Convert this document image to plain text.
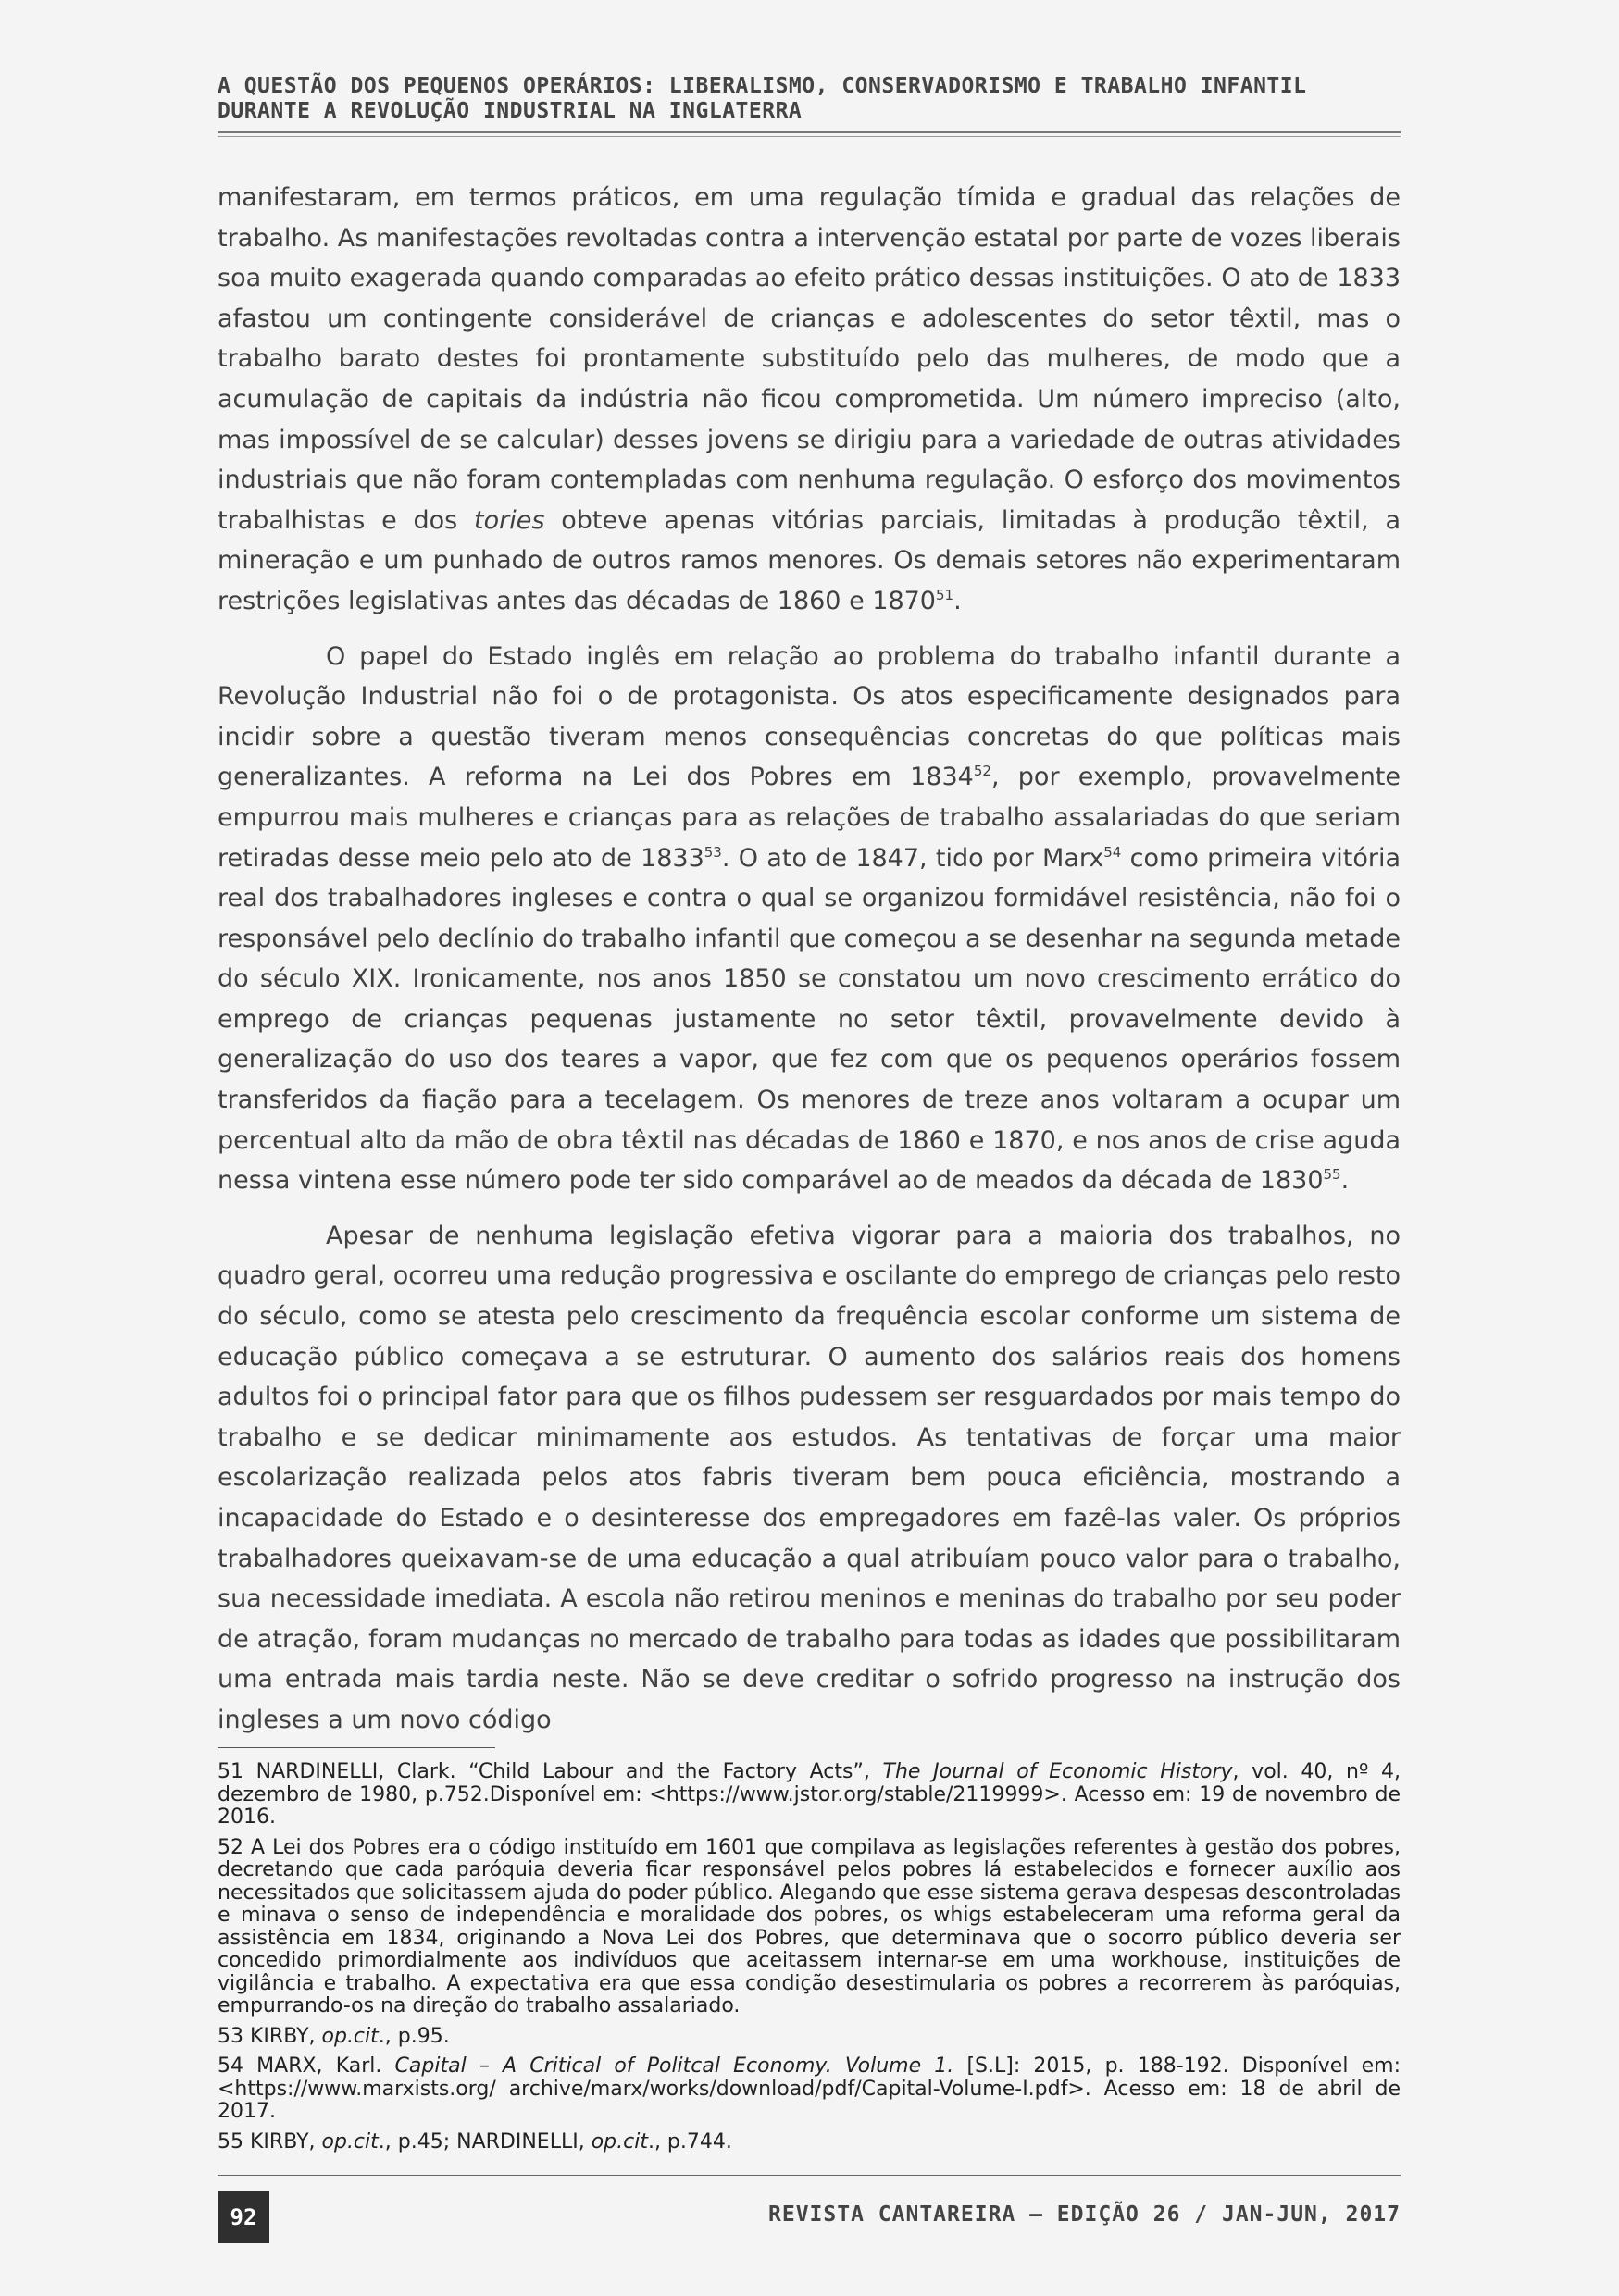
A QUESTÃO DOS PEQUENOS OPERÁRIOS: LIBERALISMO, CONSERVADORISMO E TRABALHO INFANTIL
DURANTE A REVOLUÇÃO INDUSTRIAL NA INGLATERRA

manifestaram, em termos práticos, em uma regulação tímida e gradual das relações de trabalho. As manifestações revoltadas contra a intervenção estatal por parte de vozes liberais soa muito exagerada quando comparadas ao efeito prático dessas instituições. O ato de 1833 afastou um contingente considerável de crianças e adolescentes do setor têxtil, mas o trabalho barato destes foi prontamente substituído pelo das mulheres, de modo que a acumulação de capitais da indústria não ficou comprometida. Um número impreciso (alto, mas impossível de se calcular) desses jovens se dirigiu para a variedade de outras atividades industriais que não foram contempladas com nenhuma regulação. O esforço dos movimentos trabalhistas e dos tories obteve apenas vitórias parciais, limitadas à produção têxtil, a mineração e um punhado de outros ramos menores. Os demais setores não experimentaram restrições legislativas antes das décadas de 1860 e 1870$^{51}$.

O papel do Estado inglês em relação ao problema do trabalho infantil durante a Revolução Industrial não foi o de protagonista. Os atos especificamente designados para incidir sobre a questão tiveram menos consequências concretas do que políticas mais generalizantes. A reforma na Lei dos Pobres em 1834$^{52}$, por exemplo, provavelmente empurrou mais mulheres e crianças para as relações de trabalho assalariadas do que seriam retiradas desse meio pelo ato de 1833$^{53}$. O ato de 1847, tido por Marx$^{54}$ como primeira vitória real dos trabalhadores ingleses e contra o qual se organizou formidável resistência, não foi o responsável pelo declínio do trabalho infantil que começou a se desenhar na segunda metade do século XIX. Ironicamente, nos anos 1850 se constatou um novo crescimento errático do emprego de crianças pequenas justamente no setor têxtil, provavelmente devido à generalização do uso dos teares a vapor, que fez com que os pequenos operários fossem transferidos da fiação para a tecelagem. Os menores de treze anos voltaram a ocupar um percentual alto da mão de obra têxtil nas décadas de 1860 e 1870, e nos anos de crise aguda nessa vintena esse número pode ter sido comparável ao de meados da década de 1830$^{55}$.

Apesar de nenhuma legislação efetiva vigorar para a maioria dos trabalhos, no quadro geral, ocorreu uma redução progressiva e oscilante do emprego de crianças pelo resto do século, como se atesta pelo crescimento da frequência escolar conforme um sistema de educação público começava a se estruturar. O aumento dos salários reais dos homens adultos foi o principal fator para que os filhos pudessem ser resguardados por mais tempo do trabalho e se dedicar minimamente aos estudos. As tentativas de forçar uma maior escolarização realizada pelos atos fabris tiveram bem pouca eficiência, mostrando a incapacidade do Estado e o desinteresse dos empregadores em fazê-las valer. Os próprios trabalhadores queixavam-se de uma educação a qual atribuíam pouco valor para o trabalho, sua necessidade imediata. A escola não retirou meninos e meninas do trabalho por seu poder de atração, foram mudanças no mercado de trabalho para todas as idades que possibilitaram uma entrada mais tardia neste. Não se deve creditar o sofrido progresso na instrução dos ingleses a um novo código

51 NARDINELLI, Clark. “Child Labour and the Factory Acts”, The Journal of Economic History, vol. 40, nº 4, dezembro de 1980, p.752.Disponível em: <https://www.jstor.org/stable/2119999>. Acesso em: 19 de novembro de 2016.

52 A Lei dos Pobres era o código instituído em 1601 que compilava as legislações referentes à gestão dos pobres, decretando que cada paróquia deveria ficar responsável pelos pobres lá estabelecidos e fornecer auxílio aos necessitados que solicitassem ajuda do poder público. Alegando que esse sistema gerava despesas descontroladas e minava o senso de independência e moralidade dos pobres, os whigs estabeleceram uma reforma geral da assistência em 1834, originando a Nova Lei dos Pobres, que determinava que o socorro público deveria ser concedido primordialmente aos indivíduos que aceitassem internar-se em uma workhouse, instituições de vigilância e trabalho. A expectativa era que essa condição desestimularia os pobres a recorrerem às paróquias, empurrando-os na direção do trabalho assalariado.

53 KIRBY, op.cit., p.95.

54 MARX, Karl. Capital – A Critical of Politcal Economy. Volume 1. [S.L]: 2015, p. 188-192. Disponível em: <https://www.marxists.org/ archive/marx/works/download/pdf/Capital-Volume-I.pdf>. Acesso em: 18 de abril de 2017.

55 KIRBY, op.cit., p.45; NARDINELLI, op.cit., p.744.

92	REVISTA CANTAREIRA – EDIÇÃO 26 / JAN-JUN, 2017
